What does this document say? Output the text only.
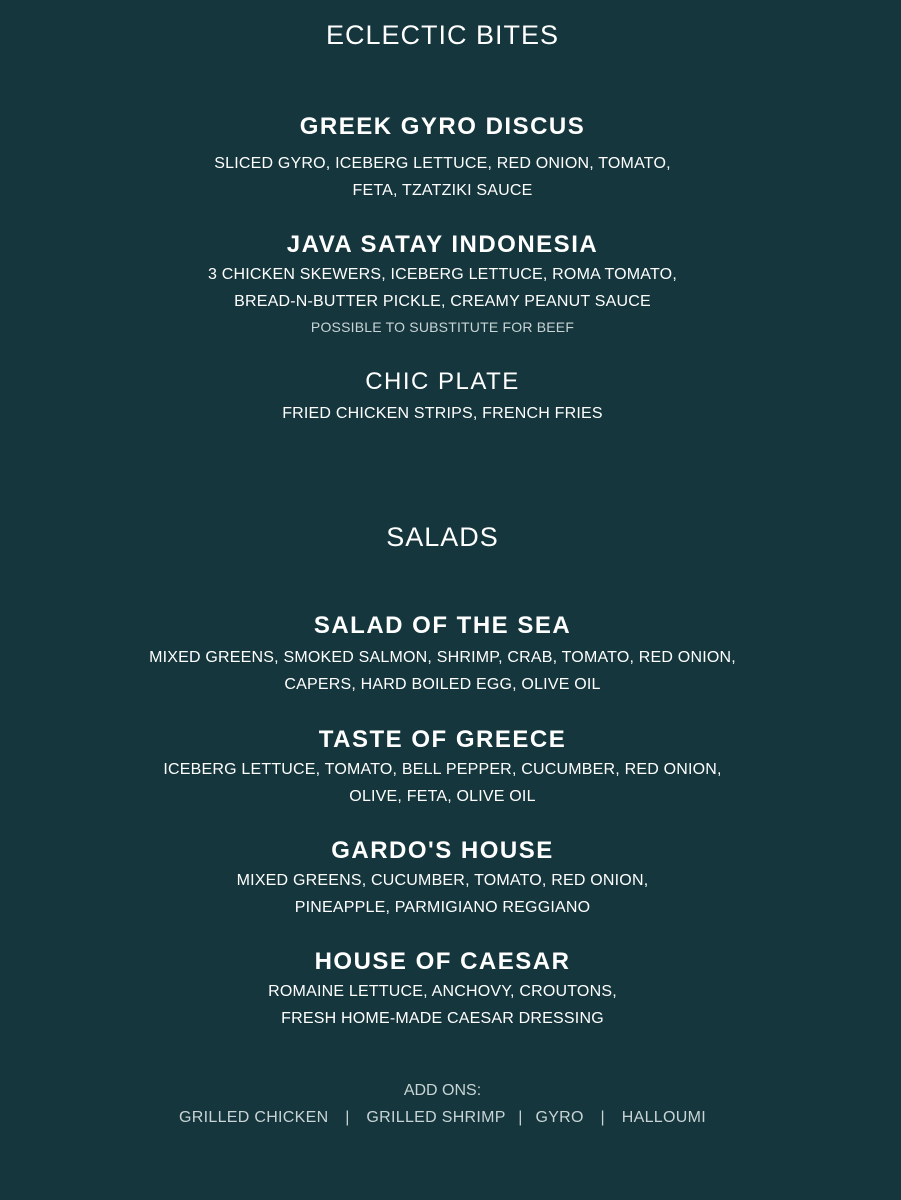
ECLECTIC BITES
GREEK GYRO DISCUS
SLICED GYRO, ICEBERG LETTUCE, RED ONION, TOMATO,
FETA, TZATZIKI SAUCE
JAVA SATAY INDONESIA
3 CHICKEN SKEWERS, ICEBERG LETTUCE, ROMA TOMATO,
BREAD-N-BUTTER PICKLE, CREAMY PEANUT SAUCE
POSSIBLE TO SUBSTITUTE FOR BEEF
CHIC PLATE
FRIED CHICKEN STRIPS, FRENCH FRIES
SALADS
SALAD OF THE SEA
MIXED GREENS, SMOKED SALMON, SHRIMP, CRAB, TOMATO, RED ONION,
CAPERS, HARD BOILED EGG, OLIVE OIL
TASTE OF GREECE
ICEBERG LETTUCE, TOMATO, BELL PEPPER, CUCUMBER, RED ONION,
OLIVE, FETA, OLIVE OIL
GARDO'S HOUSE
MIXED GREENS, CUCUMBER, TOMATO, RED ONION,
PINEAPPLE, PARMIGIANO REGGIANO
HOUSE OF CAESAR
ROMAINE LETTUCE, ANCHOVY, CROUTONS,
FRESH HOME-MADE CAESAR DRESSING
ADD ONS:
GRILLED CHICKEN | GRILLED SHRIMP | GYRO | HALLOUMI
